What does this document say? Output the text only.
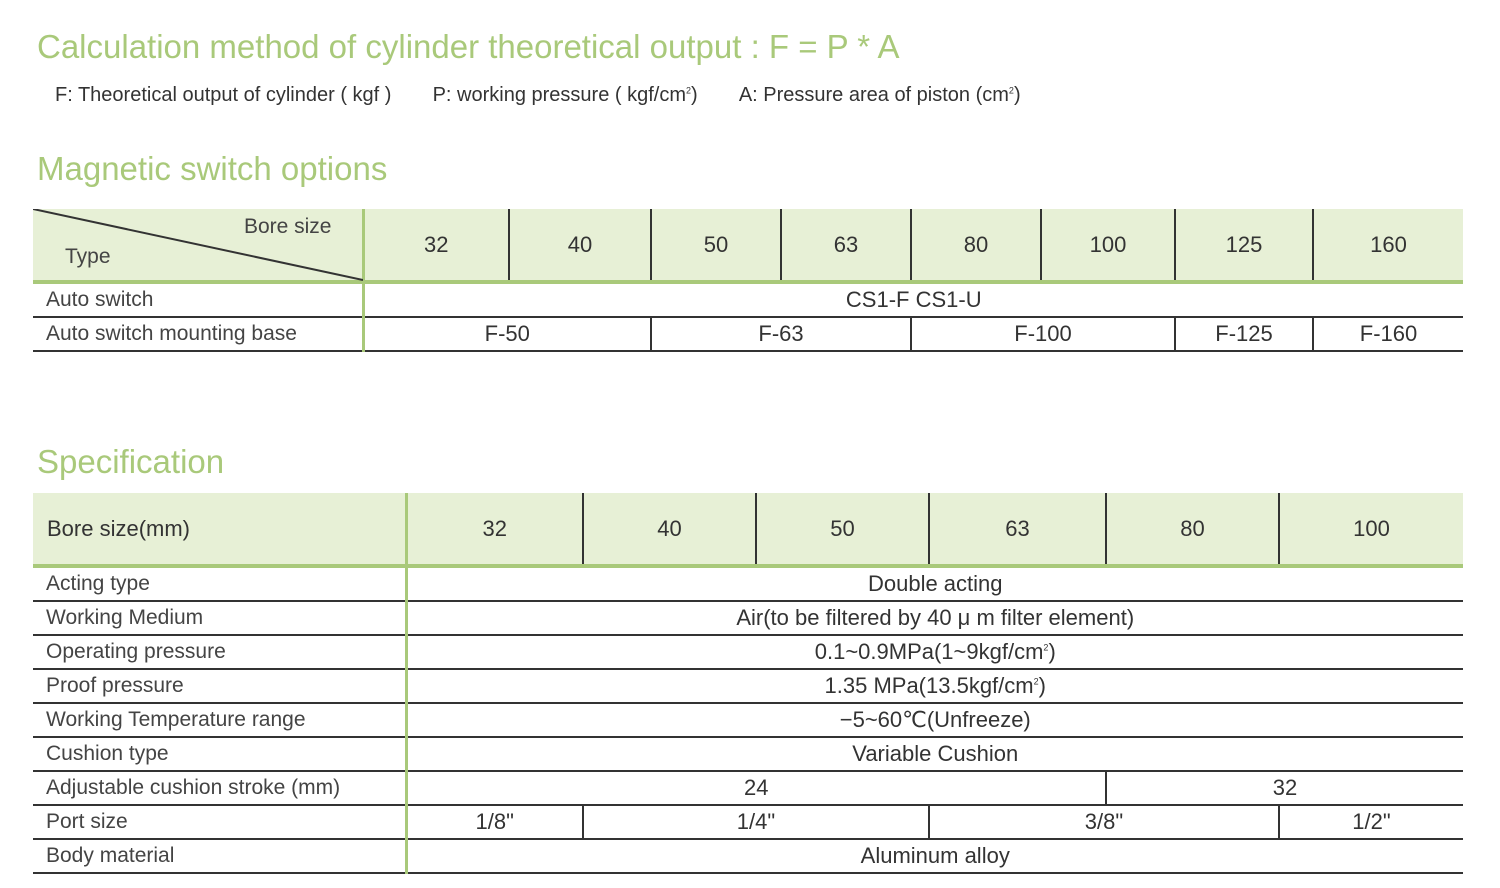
Calculation method of cylinder theoretical output : F = P * A
F: Theoretical output of cylinder ( kgf ) P: working pressure ( kgf/$cm^2$) A: Pressure area of piston $(cm^2)$
Magnetic switch options
Bore size
Type	32	40	50	63	80	100	125	160
Auto switch	CS1-F CS1-U							
Auto switch mounting base	F-50		F-63		F-100		F-125	F-160
Specification
Bore size(mm)	32	40	50	63	80	100
Acting type	Double acting					
Working Medium	Air(to be filtered by 40 μ m filter element)					
Operating pressure	$0.1\sim 0.9MPa(1\sim 9kgf/cm^2)$					
Proof pressure	1.35 $MPa(13.5kgf/cm^2)$					
Working Temperature range	−5~60℃(Unfreeze)					
Cushion type	Variable Cushion					
Adjustable cushion stroke (mm)	24				32	
Port size	1/8"	1/4"		3/8"		1/2"
Body material	Aluminum alloy					
